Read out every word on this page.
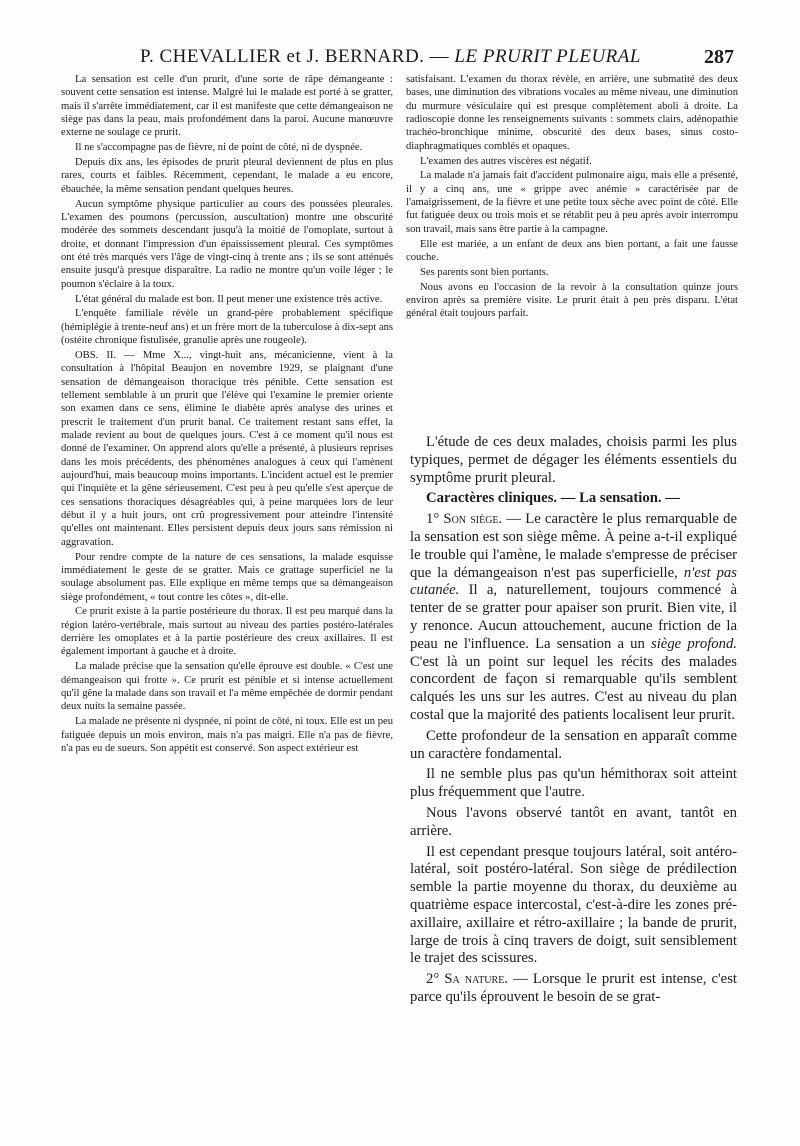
P. CHEVALLIER et J. BERNARD. — LE PRURIT PLEURAL	287

La sensation est celle d'un prurit, d'une sorte de râpe démangeante : souvent cette sensation est intense. Malgré lui le malade est porté à se gratter, mais il s'arrête immédiatement, car il est manifeste que cette démangeaison ne siège pas dans la peau, mais profondément dans la paroi. Aucune manœuvre externe ne soulage ce prurit.

Il ne s'accompagne pas de fièvre, ni de point de côté, ni de dyspnée.

Depuis dix ans, les épisodes de prurit pleural deviennent de plus en plus rares, courts et faibles. Récemment, cependant, le malade a eu encore, ébauchée, la même sensation pendant quelques heures.

Aucun symptôme physique particulier au cours des poussées pleurales. L'examen des poumons (percussion, auscultation) montre une obscurité modérée des sommets descendant jusqu'à la moitié de l'omoplate, surtout à droite, et donnant l'impression d'un épaississement pleural. Ces symptômes ont été très marqués vers l'âge de vingt-cinq à trente ans ; ils se sont atténués ensuite jusqu'à presque disparaître. La radio ne montre qu'un voile léger ; le poumon s'éclaire à la toux.

L'état général du malade est bon. Il peut mener une existence très active.

L'enquête familiale révèle un grand-père probablement spécifique (hémiplégie à trente-neuf ans) et un frère mort de la tuberculose à dix-sept ans (ostéite chronique fistulisée, granulie après une rougeole).

OBS. II. — Mme X..., vingt-huit ans, mécanicienne, vient à la consultation à l'hôpital Beaujon en novembre 1929, se plaignant d'une sensation de démangeaison thoracique très pénible. Cette sensation est tellement semblable à un prurit que l'élève qui l'examine le premier oriente son examen dans ce sens, élimine le diabète après analyse des urines et prescrit le traitement d'un prurit banal. Ce traitement restant sans effet, la malade revient au bout de quelques jours. C'est à ce moment qu'il nous est donné de l'examiner. On apprend alors qu'elle a présenté, à plusieurs reprises dans les mois précédents, des phénomènes analogues à ceux qui l'amènent aujourd'hui, mais beaucoup moins importants. L'incident actuel est le premier qui l'inquiète et la gêne sérieusement. C'est peu à peu qu'elle s'est aperçue de ces sensations thoraciques désagréables qui, à peine marquées lors de leur début il y a huit jours, ont crû progressivement pour atteindre l'intensité qu'elles ont maintenant. Elles persistent depuis deux jours sans rémission ni aggravation.

Pour rendre compte de la nature de ces sensations, la malade esquisse immédiatement le geste de se gratter. Mais ce grattage superficiel ne la soulage absolument pas. Elle explique en même temps que sa démangeaison siège profondément, « tout contre les côtes », dit-elle.

Ce prurit existe à la partie postérieure du thorax. Il est peu marqué dans la région latéro-vertébrale, mais surtout au niveau des parties postéro-latérales derrière les omoplates et à la partie postérieure des creux axillaires. Il est également important à gauche et à droite.

La malade précise que la sensation qu'elle éprouve est double. « C'est une démangeaison qui frotte ». Ce prurit est pénible et si intense actuellement qu'il gêne la malade dans son travail et l'a même empêchée de dormir pendant deux nuits la semaine passée.

La malade ne présente ni dyspnée, ni point de côté, ni toux. Elle est un peu fatiguée depuis un mois environ, mais n'a pas maigri. Elle n'a pas de fièvre, n'a pas eu de sueurs. Son appétit est conservé. Son aspect extérieur est

satisfaisant. L'examen du thorax révèle, en arrière, une submatité des deux bases, une diminution des vibrations vocales au même niveau, une diminution du murmure vésiculaire qui est presque complètement aboli à droite. La radioscopie donne les renseignements suivants : sommets clairs, adénopathie trachéo-bronchique minime, obscurité des deux bases, sinus costo-diaphragmatiques comblés et opaques.

L'examen des autres viscères est négatif.

La malade n'a jamais fait d'accident pulmonaire aigu, mais elle a présenté, il y a cinq ans, une « grippe avec anémie » caractérisée par de l'amaigrissement, de la fièvre et une petite toux sèche avec point de côté. Elle fut fatiguée deux ou trois mois et se rétablit peu à peu après avoir interrompu son travail, mais sans être partie à la campagne.

Elle est mariée, a un enfant de deux ans bien portant, a fait une fausse couche.

Ses parents sont bien portants.

Nous avons eu l'occasion de la revoir à la consultation quinze jours environ après sa première visite. Le prurit était à peu près disparu. L'état général était toujours parfait.

L'étude de ces deux malades, choisis parmi les plus typiques, permet de dégager les éléments essentiels du symptôme prurit pleural.

Caractères cliniques. — La sensation. —

1° Son siège. — Le caractère le plus remarquable de la sensation est son siège même. À peine a-t-il expliqué le trouble qui l'amène, le malade s'empresse de préciser que la démangeaison n'est pas superficielle, n'est pas cutanée. Il a, naturellement, toujours commencé à tenter de se gratter pour apaiser son prurit. Bien vite, il y renonce. Aucun attouchement, aucune friction de la peau ne l'influence. La sensation a un siège profond. C'est là un point sur lequel les récits des malades concordent de façon si remarquable qu'ils semblent calqués les uns sur les autres. C'est au niveau du plan costal que la majorité des patients localisent leur prurit.

Cette profondeur de la sensation en apparaît comme un caractère fondamental.

Il ne semble plus pas qu'un hémithorax soit atteint plus fréquemment que l'autre.

Nous l'avons observé tantôt en avant, tantôt en arrière.

Il est cependant presque toujours latéral, soit antéro-latéral, soit postéro-latéral. Son siège de prédilection semble la partie moyenne du thorax, du deuxième au quatrième espace intercostal, c'est-à-dire les zones pré-axillaire, axillaire et rétro-axillaire ; la bande de prurit, large de trois à cinq travers de doigt, suit sensiblement le trajet des scissures.

2° Sa nature. — Lorsque le prurit est intense, c'est parce qu'ils éprouvent le besoin de se grat-
